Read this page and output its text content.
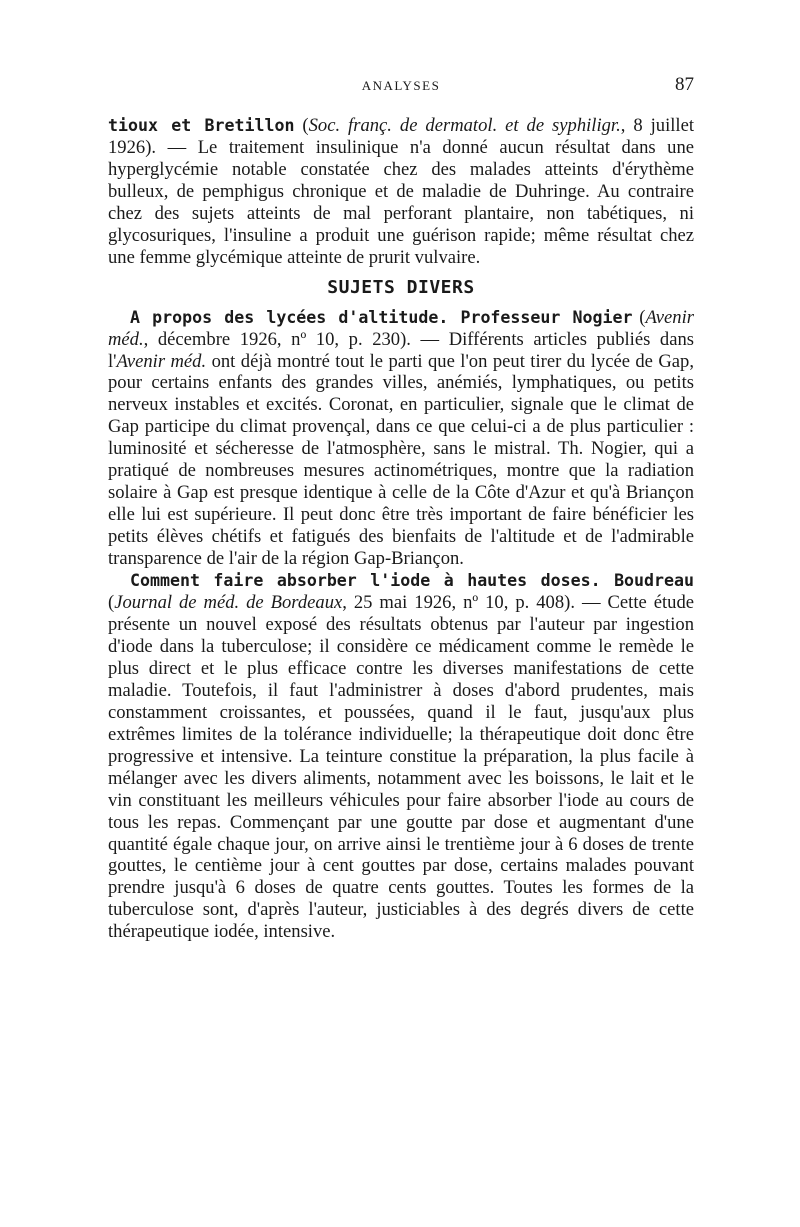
ANALYSES	87

tioux et Bretillon (Soc. franç. de dermatol. et de syphiligr., 8 juillet 1926). — Le traitement insulinique n'a donné aucun résultat dans une hyperglycémie notable constatée chez des malades atteints d'érythème bulleux, de pemphigus chronique et de maladie de Duhringe. Au contraire chez des sujets atteints de mal perforant plantaire, non tabétiques, ni glycosuriques, l'insuline a produit une guérison rapide; même résultat chez une femme glycémique atteinte de prurit vulvaire.

SUJETS DIVERS

A propos des lycées d'altitude. Professeur Nogier (Avenir méd., décembre 1926, nº 10, p. 230). — Différents articles publiés dans l'Avenir méd. ont déjà montré tout le parti que l'on peut tirer du lycée de Gap, pour certains enfants des grandes villes, anémiés, lymphatiques, ou petits nerveux instables et excités. Coronat, en particulier, signale que le climat de Gap participe du climat provençal, dans ce que celui-ci a de plus particulier : luminosité et sécheresse de l'atmosphère, sans le mistral. Th. Nogier, qui a pratiqué de nombreuses mesures actinométriques, montre que la radiation solaire à Gap est presque identique à celle de la Côte d'Azur et qu'à Briançon elle lui est supérieure. Il peut donc être très important de faire bénéficier les petits élèves chétifs et fatigués des bienfaits de l'altitude et de l'admirable transparence de l'air de la région Gap-Briançon.

Comment faire absorber l'iode à hautes doses. Boudreau (Journal de méd. de Bordeaux, 25 mai 1926, nº 10, p. 408). — Cette étude présente un nouvel exposé des résultats obtenus par l'auteur par ingestion d'iode dans la tuberculose; il considère ce médicament comme le remède le plus direct et le plus efficace contre les diverses manifestations de cette maladie. Toutefois, il faut l'administrer à doses d'abord prudentes, mais constamment croissantes, et poussées, quand il le faut, jusqu'aux plus extrêmes limites de la tolérance individuelle; la thérapeutique doit donc être progressive et intensive. La teinture constitue la préparation, la plus facile à mélanger avec les divers aliments, notamment avec les boissons, le lait et le vin constituant les meilleurs véhicules pour faire absorber l'iode au cours de tous les repas. Commençant par une goutte par dose et augmentant d'une quantité égale chaque jour, on arrive ainsi le trentième jour à 6 doses de trente gouttes, le centième jour à cent gouttes par dose, certains malades pouvant prendre jusqu'à 6 doses de quatre cents gouttes. Toutes les formes de la tuberculose sont, d'après l'auteur, justiciables à des degrés divers de cette thérapeutique iodée, intensive.
